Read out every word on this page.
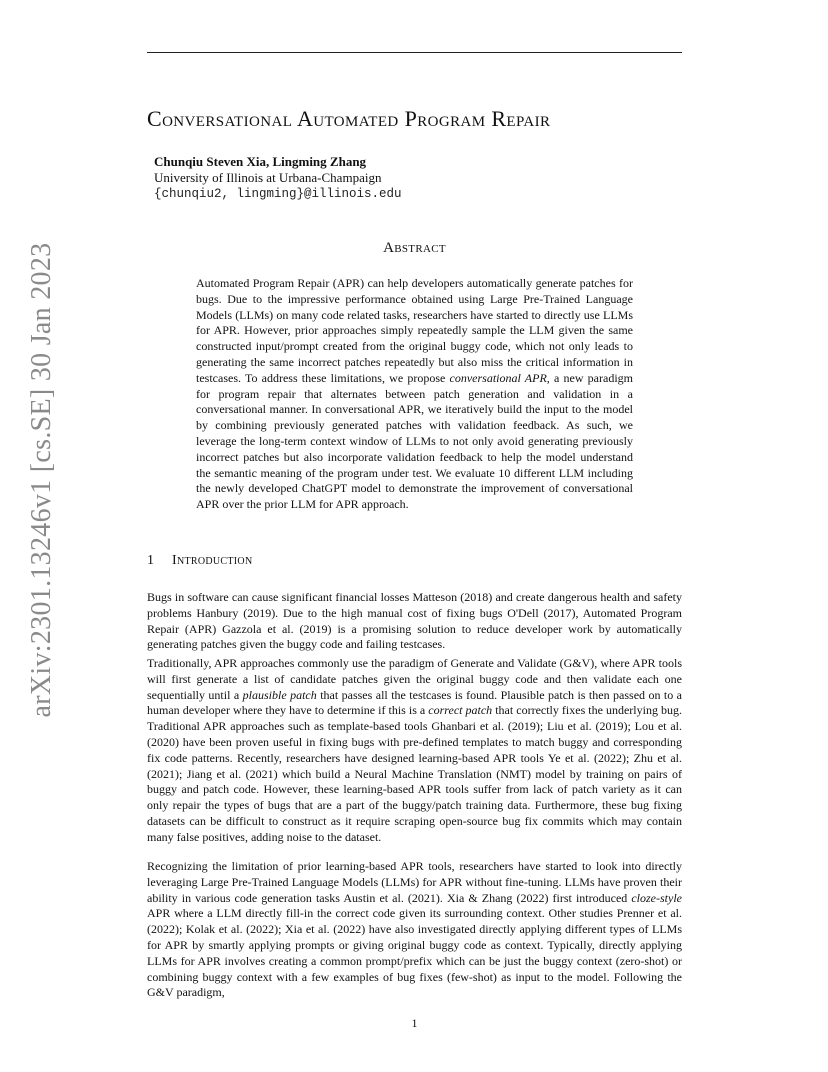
arXiv:2301.13246v1 [cs.SE] 30 Jan 2023
Conversational Automated Program Repair
Chunqiu Steven Xia, Lingming Zhang
University of Illinois at Urbana-Champaign
{chunqiu2, lingming}@illinois.edu
Abstract

Automated Program Repair (APR) can help developers automatically generate patches for bugs. Due to the impressive performance obtained using Large Pre-Trained Language Models (LLMs) on many code related tasks, researchers have started to directly use LLMs for APR. However, prior approaches simply repeatedly sample the LLM given the same constructed input/prompt created from the original buggy code, which not only leads to generating the same incorrect patches repeatedly but also miss the critical information in testcases. To address these limitations, we propose conversational APR, a new paradigm for program repair that alternates between patch generation and validation in a conversational manner. In conversational APR, we iteratively build the input to the model by combining previously generated patches with validation feedback. As such, we leverage the long-term context window of LLMs to not only avoid generating previously incorrect patches but also incorporate validation feedback to help the model understand the semantic meaning of the program under test. We evaluate 10 different LLM including the newly developed ChatGPT model to demonstrate the improvement of conversational APR over the prior LLM for APR approach.

1 Introduction

Bugs in software can cause significant financial losses Matteson (2018) and create dangerous health and safety problems Hanbury (2019). Due to the high manual cost of fixing bugs O'Dell (2017), Automated Program Repair (APR) Gazzola et al. (2019) is a promising solution to reduce developer work by automatically generating patches given the buggy code and failing testcases.

Traditionally, APR approaches commonly use the paradigm of Generate and Validate (G&V), where APR tools will first generate a list of candidate patches given the original buggy code and then validate each one sequentially until a plausible patch that passes all the testcases is found. Plausible patch is then passed on to a human developer where they have to determine if this is a correct patch that correctly fixes the underlying bug. Traditional APR approaches such as template-based tools Ghanbari et al. (2019); Liu et al. (2019); Lou et al. (2020) have been proven useful in fixing bugs with pre-defined templates to match buggy and corresponding fix code patterns. Recently, researchers have designed learning-based APR tools Ye et al. (2022); Zhu et al. (2021); Jiang et al. (2021) which build a Neural Machine Translation (NMT) model by training on pairs of buggy and patch code. However, these learning-based APR tools suffer from lack of patch variety as it can only repair the types of bugs that are a part of the buggy/patch training data. Furthermore, these bug fixing datasets can be difficult to construct as it require scraping open-source bug fix commits which may contain many false positives, adding noise to the dataset.

Recognizing the limitation of prior learning-based APR tools, researchers have started to look into directly leveraging Large Pre-Trained Language Models (LLMs) for APR without fine-tuning. LLMs have proven their ability in various code generation tasks Austin et al. (2021). Xia & Zhang (2022) first introduced cloze-style APR where a LLM directly fill-in the correct code given its surrounding context. Other studies Prenner et al. (2022); Kolak et al. (2022); Xia et al. (2022) have also investigated directly applying different types of LLMs for APR by smartly applying prompts or giving original buggy code as context. Typically, directly applying LLMs for APR involves creating a common prompt/prefix which can be just the buggy context (zero-shot) or combining buggy context with a few examples of bug fixes (few-shot) as input to the model. Following the G&V paradigm,

1
